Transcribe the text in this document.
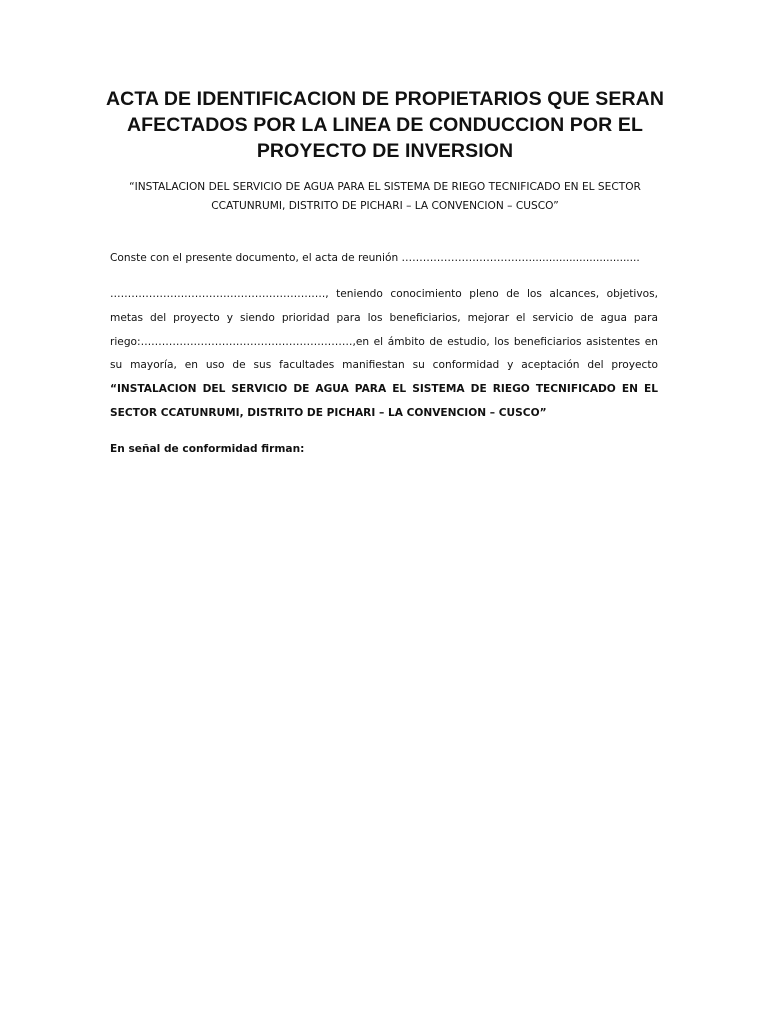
ACTA DE IDENTIFICACION DE PROPIETARIOS QUE SERAN AFECTADOS POR LA LINEA DE CONDUCCION POR EL PROYECTO DE INVERSION

“INSTALACION DEL SERVICIO DE AGUA PARA EL SISTEMA DE RIEGO TECNIFICADO EN EL SECTOR CCATUNRUMI, DISTRITO DE PICHARI – LA CONVENCION – CUSCO”

Conste con el presente documento, el acta de reunión ……………………………….................................

……………………………………………………., teniendo conocimiento pleno de los alcances, objetivos, metas del proyecto y siendo prioridad para los beneficiarios, mejorar el servicio de agua para riego:……………………………………………………,en el ámbito de estudio, los beneficiarios asistentes en su mayoría, en uso de sus facultades manifiestan su conformidad y aceptación del proyecto “INSTALACION DEL SERVICIO DE AGUA PARA EL SISTEMA DE RIEGO TECNIFICADO EN EL SECTOR CCATUNRUMI, DISTRITO DE PICHARI – LA CONVENCION – CUSCO”

En señal de conformidad firman:
